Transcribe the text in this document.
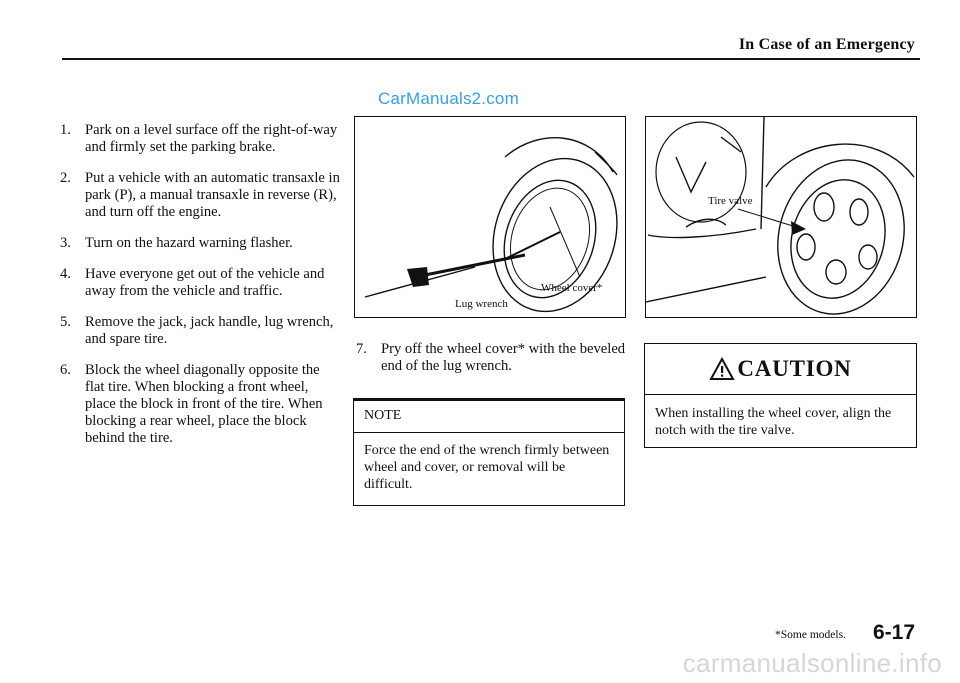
In Case of an Emergency
CarManuals2.com
1. Park on a level surface off the right-of-way and firmly set the parking brake.
2. Put a vehicle with an automatic transaxle in park (P), a manual transaxle in reverse (R), and turn off the engine.
3. Turn on the hazard warning flasher.
4. Have everyone get out of the vehicle and away from the vehicle and traffic.
5. Remove the jack, jack handle, lug wrench, and spare tire.
6. Block the wheel diagonally opposite the flat tire. When blocking a front wheel, place the block in front of the tire. When blocking a rear wheel, place the block behind the tire.
Wheel cover*
Lug wrench
Tire valve
7. Pry off the wheel cover* with the beveled end of the lug wrench.
NOTE
Force the end of the wrench firmly between wheel and cover, or removal will be difficult.
CAUTION
When installing the wheel cover, align the notch with the tire valve.
*Some models. 6-17
carmanualsonline.info
